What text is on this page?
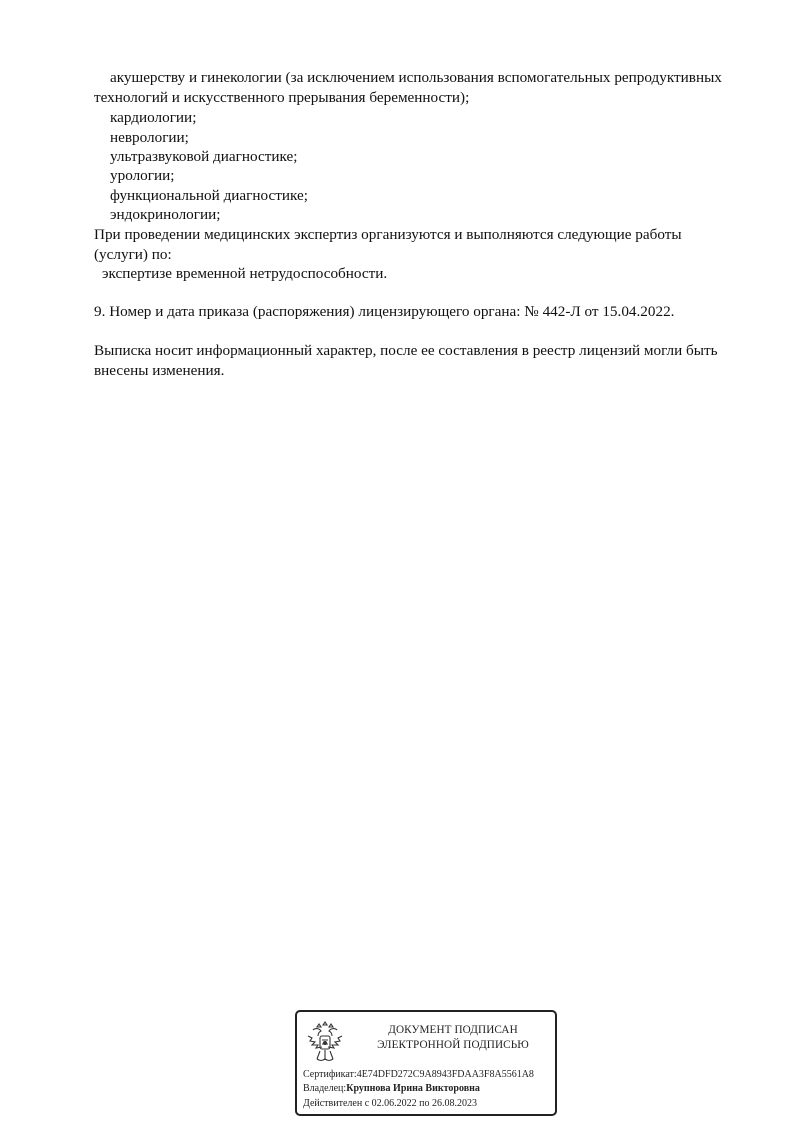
акушерству и гинекологии (за исключением использования вспомогательных репродуктивных
технологий и искусственного прерывания беременности);
кардиологии;
неврологии;
ультразвуковой диагностике;
урологии;
функциональной диагностике;
эндокринологии;
При проведении медицинских экспертиз организуются и выполняются следующие работы
(услуги) по:
экспертизе временной нетрудоспособности.
9. Номер и дата приказа (распоряжения) лицензирующего органа: № 442-Л от 15.04.2022.
Выписка носит информационный характер, после ее составления в реестр лицензий могли быть
внесены изменения.
ДОКУМЕНТ ПОДПИСАН
ЭЛЕКТРОННОЙ ПОДПИСЬЮ
Сертификат:4E74DFD272C9A8943FDAA3F8A5561A8
Владелец:Крупнова Ирина Викторовна
Действителен с 02.06.2022 по 26.08.2023
